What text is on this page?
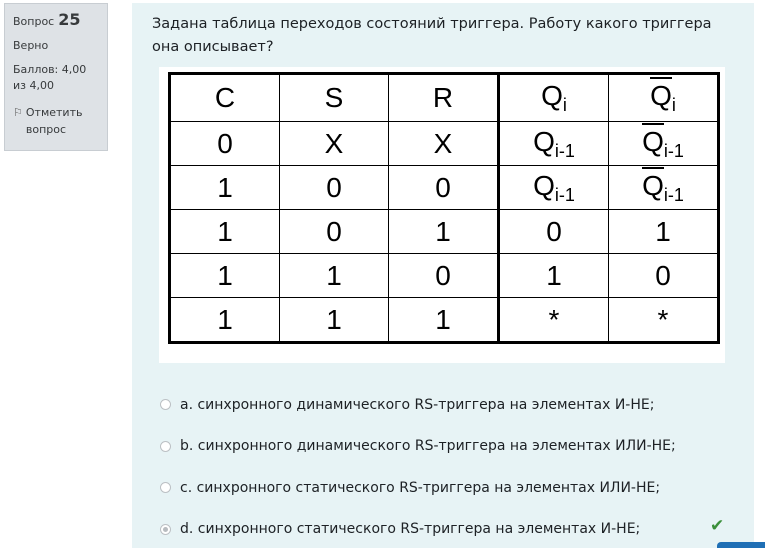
Вопрос 25
Верно
Баллов: 4,00 из 4,00
⚐ Отметить вопрос
Задана таблица переходов состояний триггера. Работу какого триггера она описывает?
C	S	R	$Q_i$	$Q_i$
0	X	X	$Q_{i-1}$	$Q_{i-1}$
1	0	0	$Q_{i-1}$	$Q_{i-1}$
1	0	1	0	1
1	1	0	1	0
1	1	1	*	*
a. синхронного динамического RS-триггера на элементах И-НЕ;
b. синхронного динамического RS-триггера на элементах ИЛИ-НЕ;
c. синхронного статического RS-триггера на элементах ИЛИ-НЕ;
d. синхронного статического RS-триггера на элементах И-НЕ;	✔
